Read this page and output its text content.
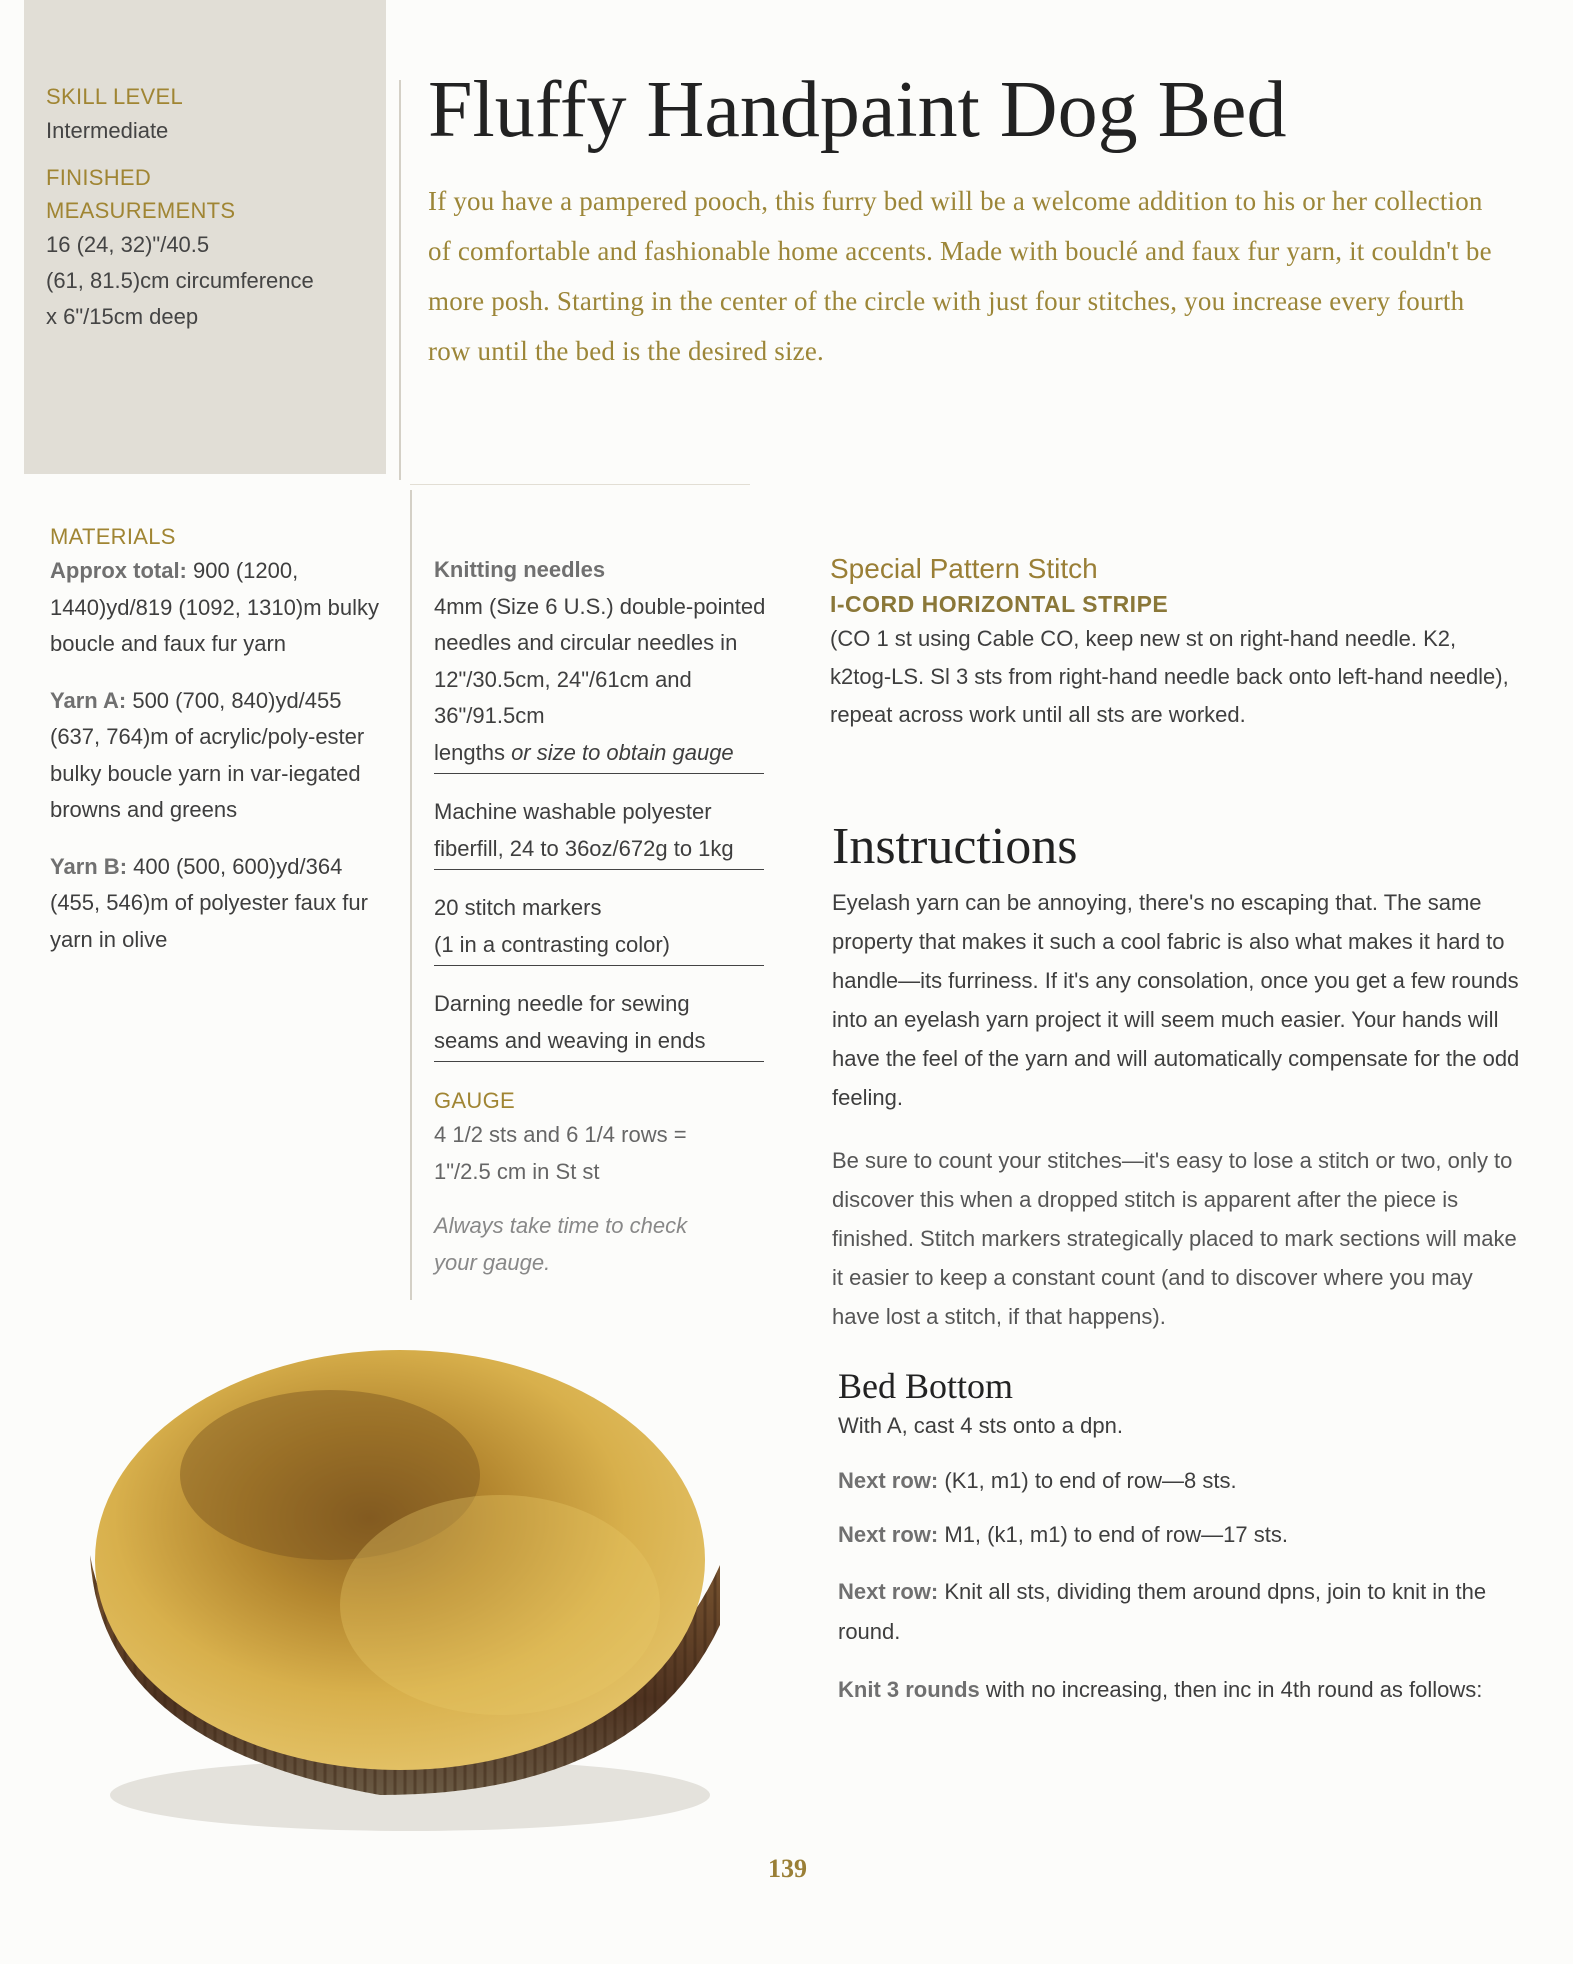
SKILL LEVEL
Intermediate
FINISHED
MEASUREMENTS
16 (24, 32)"/40.5
(61, 81.5)cm circumference
x 6"/15cm deep
Fluffy Handpaint Dog Bed

If you have a pampered pooch, this furry bed will be a welcome addition to his or her collection of comfortable and fashionable home accents. Made with bouclé and faux fur yarn, it couldn't be more posh. Starting in the center of the circle with just four stitches, you increase every fourth row until the bed is the desired size.

MATERIALS

Approx total: 900 (1200, 1440)yd/819 (1092, 1310)m bulky boucle and faux fur yarn

Yarn A: 500 (700, 840)yd/455 (637, 764)m of acrylic/poly-ester bulky boucle yarn in var-iegated browns and greens

Yarn B: 400 (500, 600)yd/364 (455, 546)m of polyester faux fur yarn in olive

Knitting needles
4mm (Size 6 U.S.) double-pointed needles and circular needles in 12"/30.5cm, 24"/61cm and 36"/91.5cm
lengths or size to obtain gauge
Machine washable polyester
fiberfill, 24 to 36oz/672g to 1kg
20 stitch markers
(1 in a contrasting color)
Darning needle for sewing
seams and weaving in ends
GAUGE
4 1/2 sts and 6 1/4 rows =
1"/2.5 cm in St st
Always take time to check
your gauge.
Special Pattern Stitch
I-CORD HORIZONTAL STRIPE
(CO 1 st using Cable CO, keep new st on right-hand needle. K2, k2tog-LS. Sl 3 sts from right-hand needle back onto left-hand needle), repeat across work until all sts are worked.
Instructions

Eyelash yarn can be annoying, there's no escaping that. The same property that makes it such a cool fabric is also what makes it hard to handle—its furriness. If it's any consolation, once you get a few rounds into an eyelash yarn project it will seem much easier. Your hands will have the feel of the yarn and will automatically compensate for the odd feeling.

Be sure to count your stitches—it's easy to lose a stitch or two, only to discover this when a dropped stitch is apparent after the piece is finished. Stitch markers strategically placed to mark sections will make it easier to keep a constant count (and to discover where you may have lost a stitch, if that happens).

Bed Bottom

With A, cast 4 sts onto a dpn.

Next row: (K1, m1) to end of row—8 sts.

Next row: M1, (k1, m1) to end of row—17 sts.

Next row: Knit all sts, dividing them around dpns, join to knit in the round.

Knit 3 rounds with no increasing, then inc in 4th round as follows:

139
